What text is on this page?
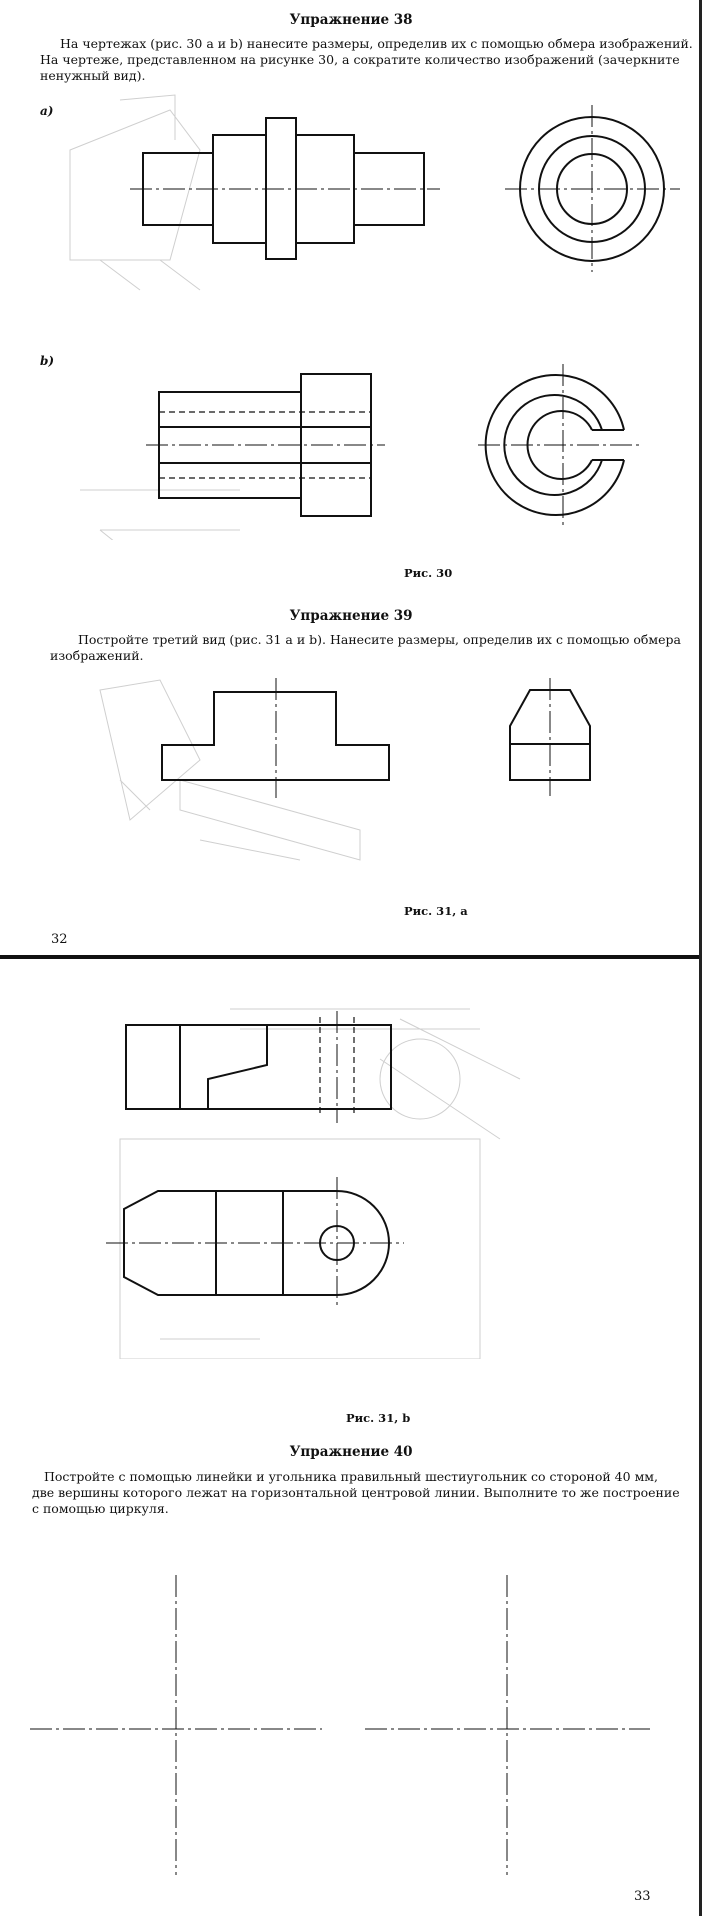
Упражнение 38
На чертежах (рис. 30 a и b) нанесите размеры, определив их с помощью обмера изображений.
На чертеже, представленном на рисунке 30, a сократите количество изображений (зачеркните
ненужный вид).
a)
b)
Рис. 30
Упражнение 39
Постройте третий вид (рис. 31 a и b). Нанесите размеры, определив их с помощью обмера
изображений.
Рис. 31, a
32
Рис. 31, b
Упражнение 40
Постройте с помощью линейки и угольника правильный шестиугольник со стороной 40 мм,
две вершины которого лежат на горизонтальной центровой линии. Выполните то же построение
с помощью циркуля.
33
